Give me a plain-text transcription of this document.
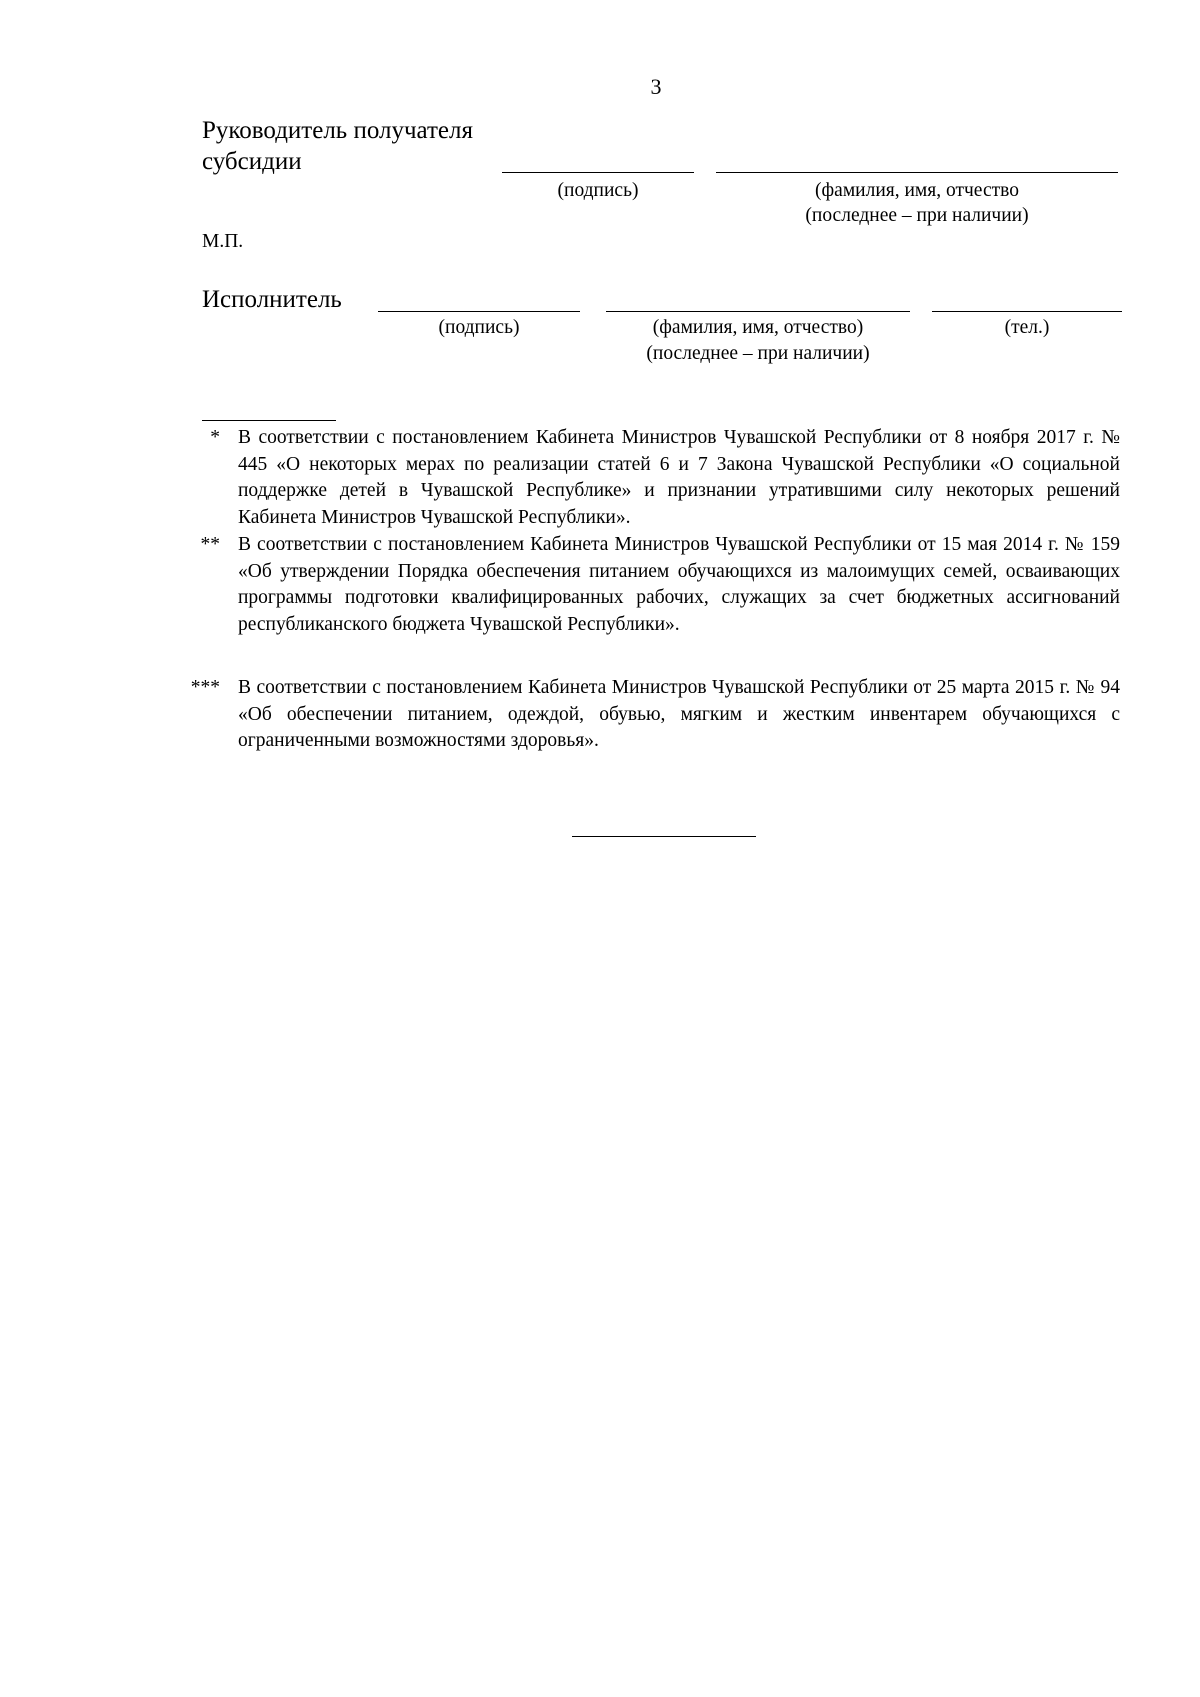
3
Руководитель получателя
субсидии
(подпись)	(фамилия, имя, отчество
(последнее – при наличии)
М.П.
Исполнитель
(подпись)	(фамилия, имя, отчество)
(последнее – при наличии)
(тел.)
* В соответствии с постановлением Кабинета Министров Чувашской Республики от 8 ноября 2017 г. № 445 «О некоторых мерах по реализации статей 6 и 7 Закона Чувашской Республики «О социальной поддержке детей в Чувашской Республике» и признании утратившими силу некоторых решений Кабинета Министров Чувашской Республики».
** В соответствии с постановлением Кабинета Министров Чувашской Республики от 15 мая 2014 г. № 159 «Об утверждении Порядка обеспечения питанием обучающихся из малоимущих семей, осваивающих программы подготовки квалифицированных рабочих, служащих за счет бюджетных ассигнований республиканского бюджета Чувашской Республики».
*** В соответствии с постановлением Кабинета Министров Чувашской Республики от 25 марта 2015 г. № 94 «Об обеспечении питанием, одеждой, обувью, мягким и жестким инвентарем обучающихся с ограниченными возможностями здоровья».
